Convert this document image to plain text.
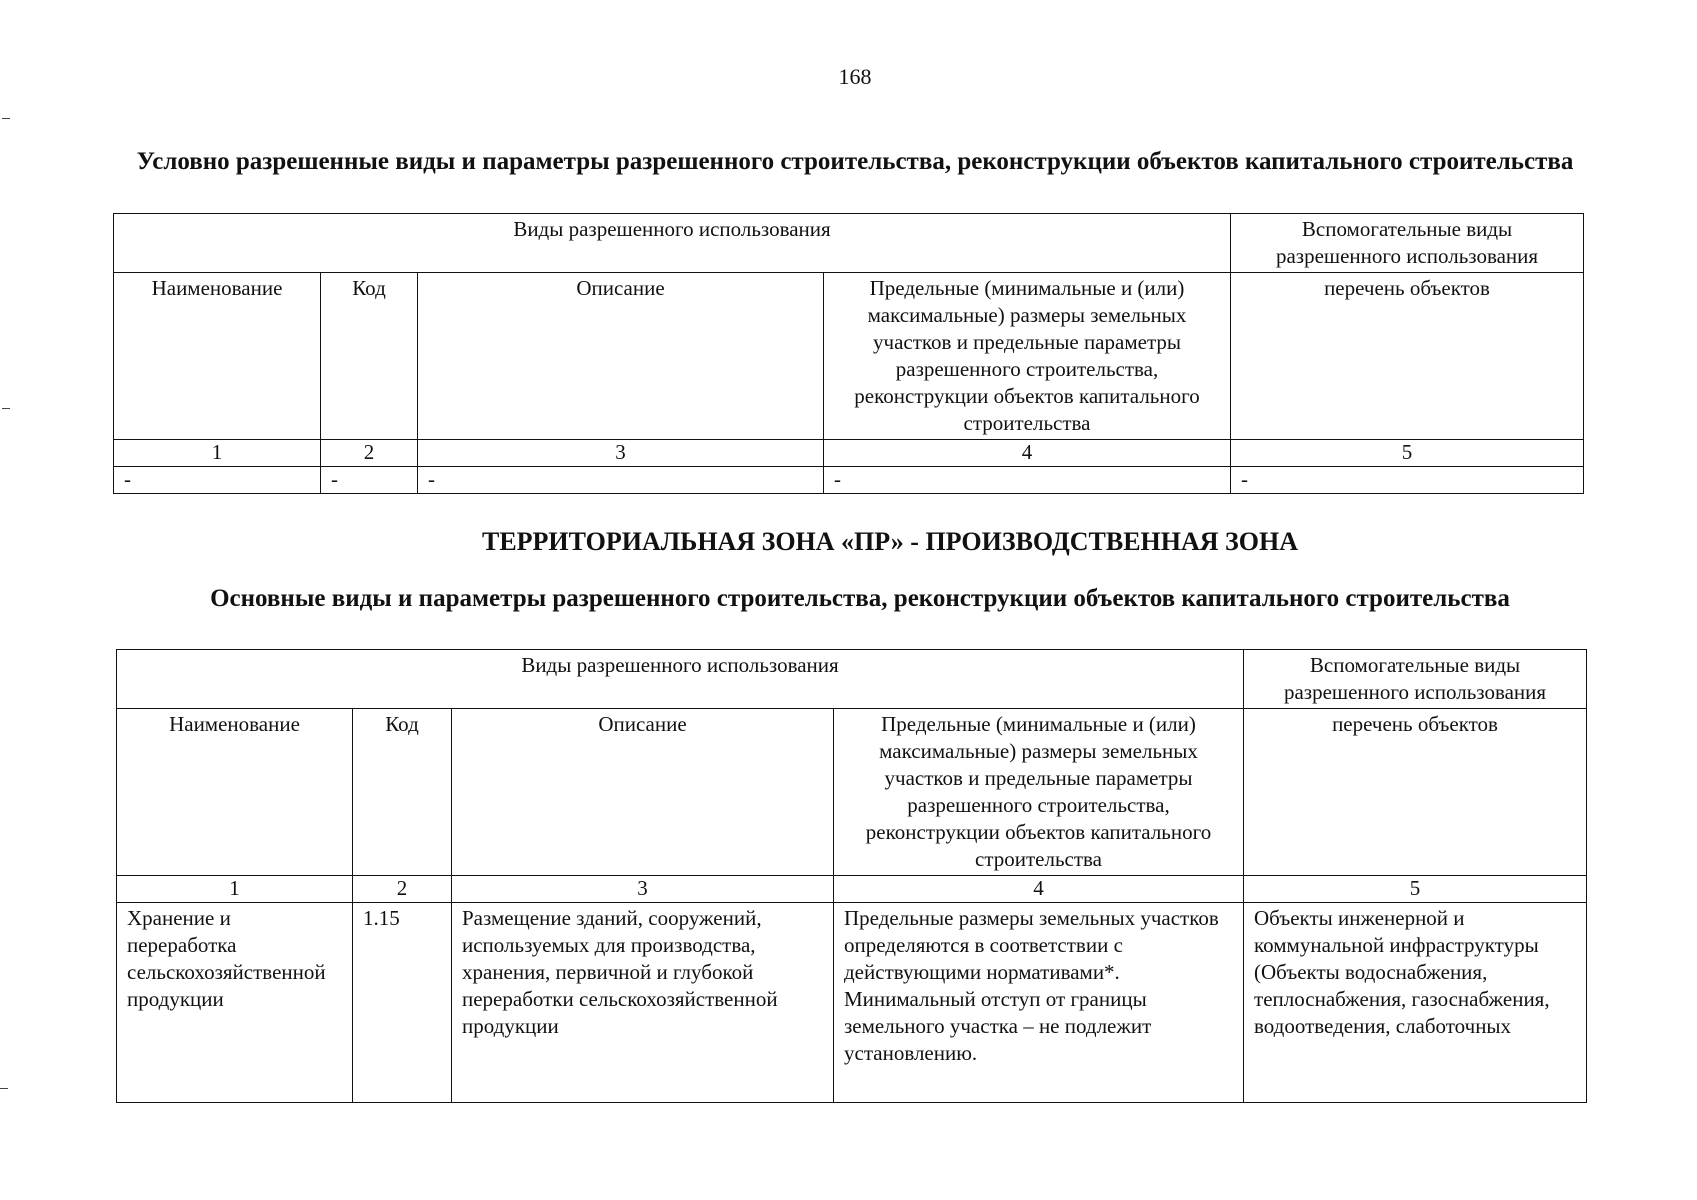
168
Условно разрешенные виды и параметры разрешенного строительства, реконструкции объектов капитального строительства
Виды разрешенного использования				Вспомогательные виды разрешенного использования
Наименование	Код	Описание	Предельные (минимальные и (или) максимальные) размеры земельных участков и предельные параметры разрешенного строительства, реконструкции объектов капитального строительства	перечень объектов
1	2	3	4	5
-	-	-	-	-
ТЕРРИТОРИАЛЬНАЯ ЗОНА «ПР» - ПРОИЗВОДСТВЕННАЯ ЗОНА
Основные виды и параметры разрешенного строительства, реконструкции объектов капитального строительства
Виды разрешенного использования				Вспомогательные виды разрешенного использования
Наименование	Код	Описание	Предельные (минимальные и (или) максимальные) размеры земельных участков и предельные параметры разрешенного строительства, реконструкции объектов капитального строительства	перечень объектов
1	2	3	4	5
Хранение и переработка сельскохозяйственной продукции	1.15	Размещение зданий, сооружений, используемых для производства, хранения, первичной и глубокой переработки сельскохозяйственной продукции	Предельные размеры земельных участков определяются в соответствии с действующими нормативами*. Минимальный отступ от границы земельного участка – не подлежит установлению.	Объекты инженерной и коммунальной инфраструктуры (Объекты водоснабжения, теплоснабжения, газоснабжения, водоотведения, слаботочных
